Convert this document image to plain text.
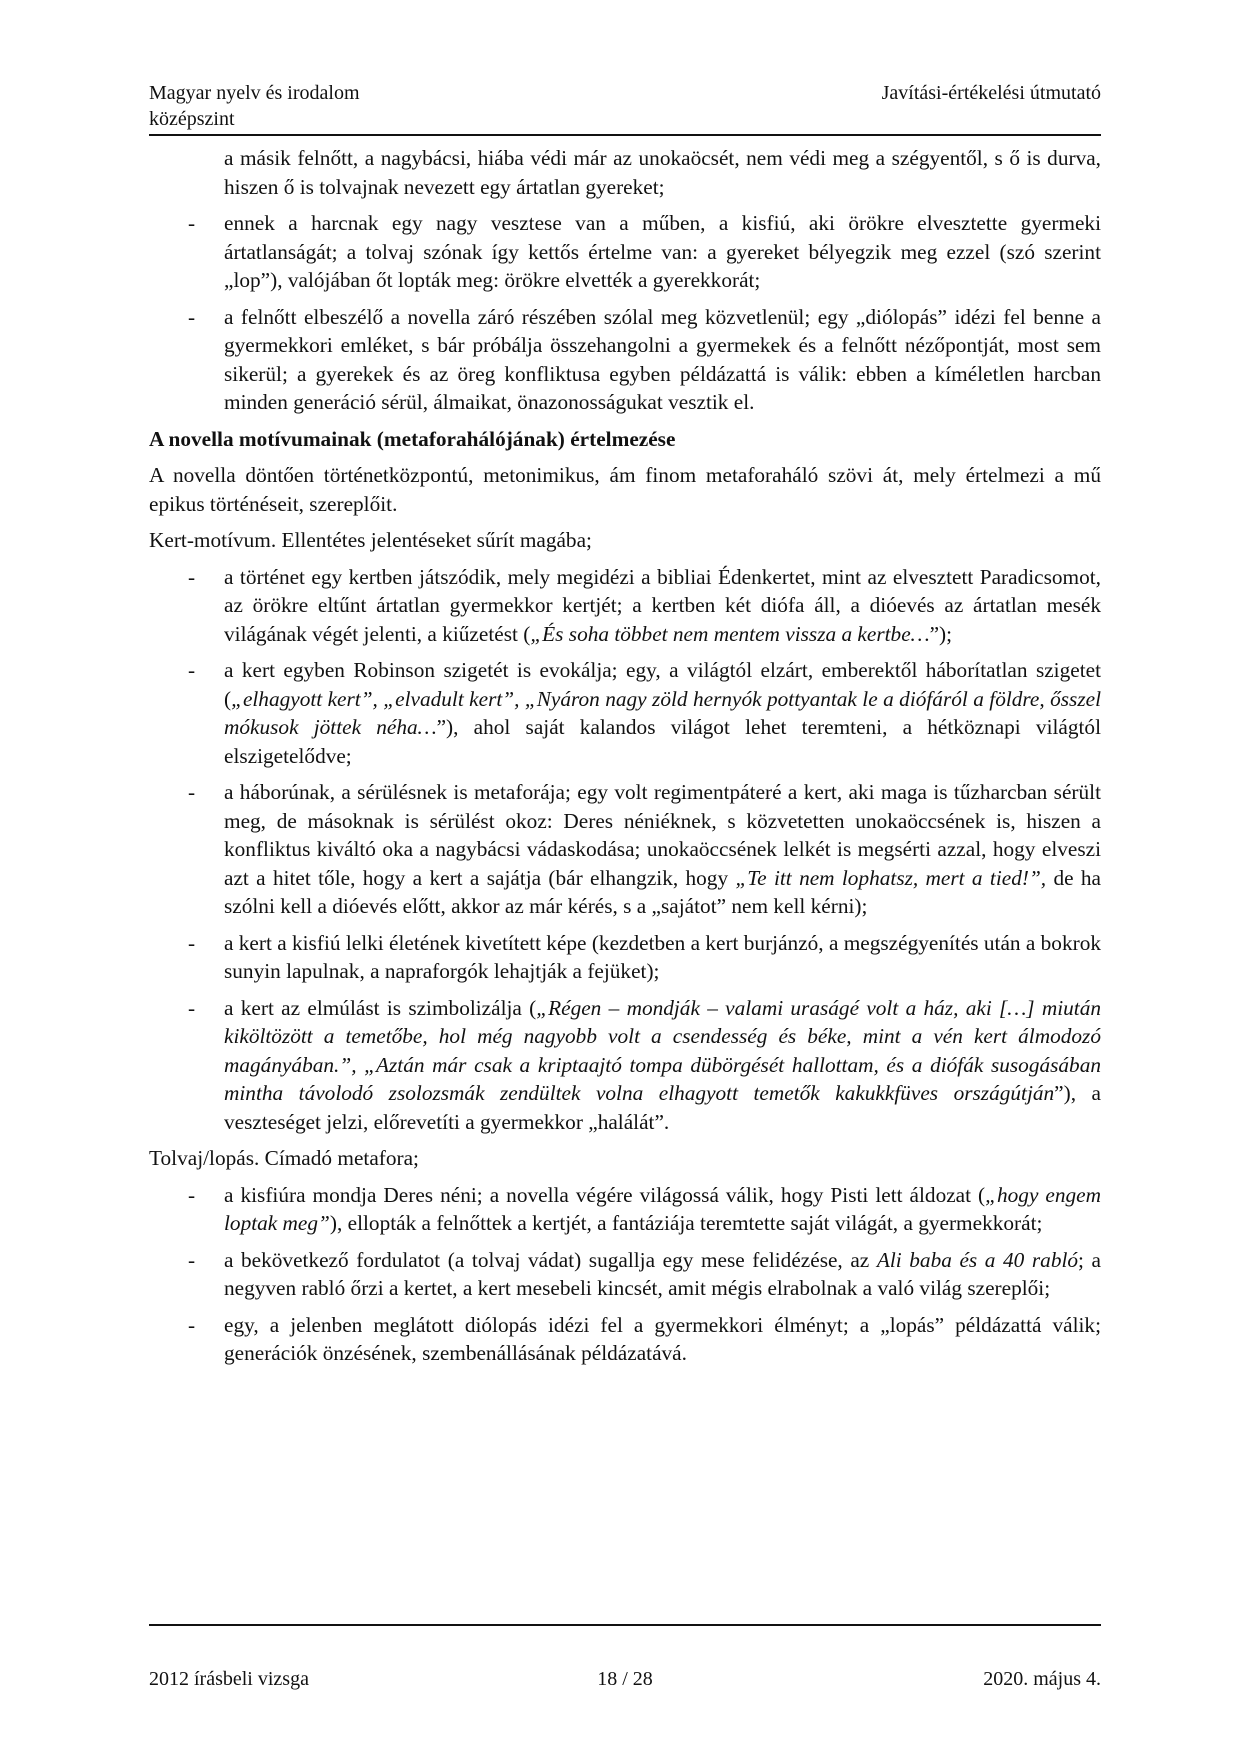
Magyar nyelv és irodalom
középszint
Javítási-értékelési útmutató

a másik felnőtt, a nagybácsi, hiába védi már az unokaöcsét, nem védi meg a szégyentől, s ő is durva, hiszen ő is tolvajnak nevezett egy ártatlan gyereket;

- ennek a harcnak egy nagy vesztese van a műben, a kisfiú, aki örökre elvesztette gyermeki ártatlanságát; a tolvaj szónak így kettős értelme van: a gyereket bélyegzik meg ezzel (szó szerint „lop”), valójában őt lopták meg: örökre elvették a gyerekkorát;
- a felnőtt elbeszélő a novella záró részében szólal meg közvetlenül; egy „diólopás” idézi fel benne a gyermekkori emléket, s bár próbálja összehangolni a gyermekek és a felnőtt nézőpontját, most sem sikerül; a gyerekek és az öreg konfliktusa egyben példázattá is válik: ebben a kíméletlen harcban minden generáció sérül, álmaikat, önazonosságukat vesztik el.

A novella motívumainak (metaforahálójának) értelmezése

A novella döntően történetközpontú, metonimikus, ám finom metaforaháló szövi át, mely értelmezi a mű epikus történéseit, szereplőit.

Kert-motívum. Ellentétes jelentéseket sűrít magába;

- a történet egy kertben játszódik, mely megidézi a bibliai Édenkertet, mint az elvesztett Paradicsomot, az örökre eltűnt ártatlan gyermekkor kertjét; a kertben két diófa áll, a dióevés az ártatlan mesék világának végét jelenti, a kiűzetést („És soha többet nem mentem vissza a kertbe…”);
- a kert egyben Robinson szigetét is evokálja; egy, a világtól elzárt, emberektől háborítatlan szigetet („elhagyott kert”, „elvadult kert”, „Nyáron nagy zöld hernyók pottyantak le a diófáról a földre, ősszel mókusok jöttek néha…”), ahol saját kalandos világot lehet teremteni, a hétköznapi világtól elszigetelődve;
- a háborúnak, a sérülésnek is metaforája; egy volt regimentpáteré a kert, aki maga is tűzharcban sérült meg, de másoknak is sérülést okoz: Deres néniéknek, s közvetetten unokaöccsének is, hiszen a konfliktus kiváltó oka a nagybácsi vádaskodása; unokaöccsének lelkét is megsérti azzal, hogy elveszi azt a hitet tőle, hogy a kert a sajátja (bár elhangzik, hogy „Te itt nem lophatsz, mert a tied!”, de ha szólni kell a dióevés előtt, akkor az már kérés, s a „sajátot” nem kell kérni);
- a kert a kisfiú lelki életének kivetített képe (kezdetben a kert burjánzó, a megszégyenítés után a bokrok sunyin lapulnak, a napraforgók lehajtják a fejüket);
- a kert az elmúlást is szimbolizálja („Régen – mondják – valami uraságé volt a ház, aki […] miután kiköltözött a temetőbe, hol még nagyobb volt a csendesség és béke, mint a vén kert álmodozó magányában.”, „Aztán már csak a kriptaajtó tompa dübörgését hallottam, és a diófák susogásában mintha távolodó zsolozsmák zendültek volna elhagyott temetők kakukkfüves országútján”), a veszteséget jelzi, előrevetíti a gyermekkor „halálát”.

Tolvaj/lopás. Címadó metafora;

- a kisfiúra mondja Deres néni; a novella végére világossá válik, hogy Pisti lett áldozat („hogy engem loptak meg”), ellopták a felnőttek a kertjét, a fantáziája teremtette saját világát, a gyermekkorát;
- a bekövetkező fordulatot (a tolvaj vádat) sugallja egy mese felidézése, az Ali baba és a 40 rabló; a negyven rabló őrzi a kertet, a kert mesebeli kincsét, amit mégis elrabolnak a való világ szereplői;
- egy, a jelenben meglátott diólopás idézi fel a gyermekkori élményt; a „lopás” példázattá válik; generációk önzésének, szembenállásának példázatává.
2012 írásbeli vizsga	18 / 28	2020. május 4.
